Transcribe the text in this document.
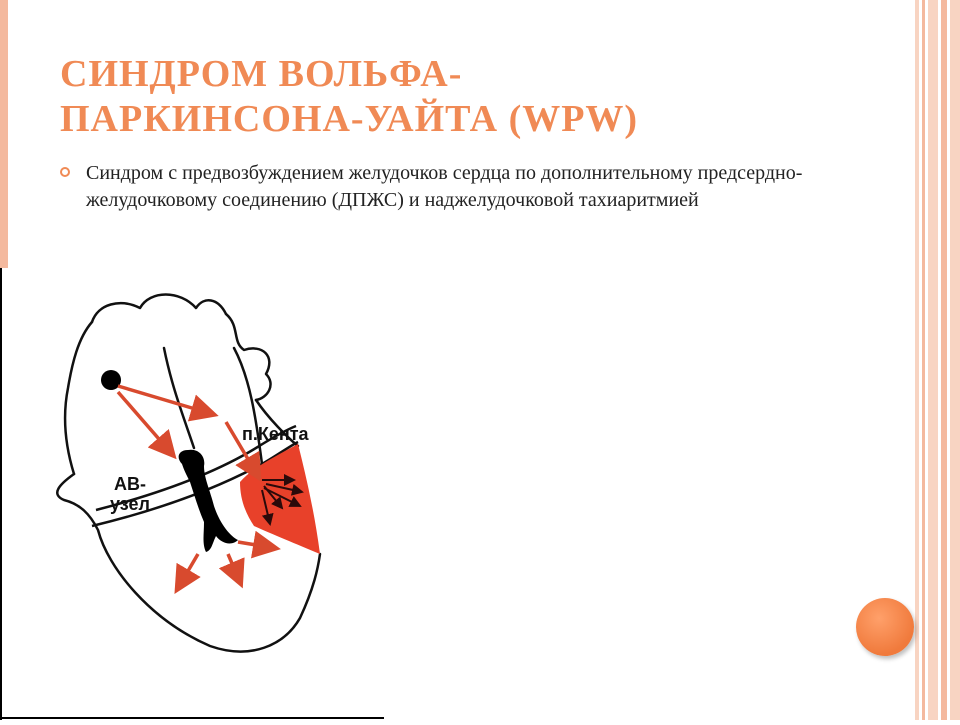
СИНДРОМ ВОЛЬФА-
ПАРКИНСОНА-УАЙТА (WPW)
Синдром с предвозбуждением желудочков сердца по дополнительному предсердно-желудочковому соединению (ДПЖС) и наджелудочковой тахиаритмией
п.Кента
АВ-
узел
